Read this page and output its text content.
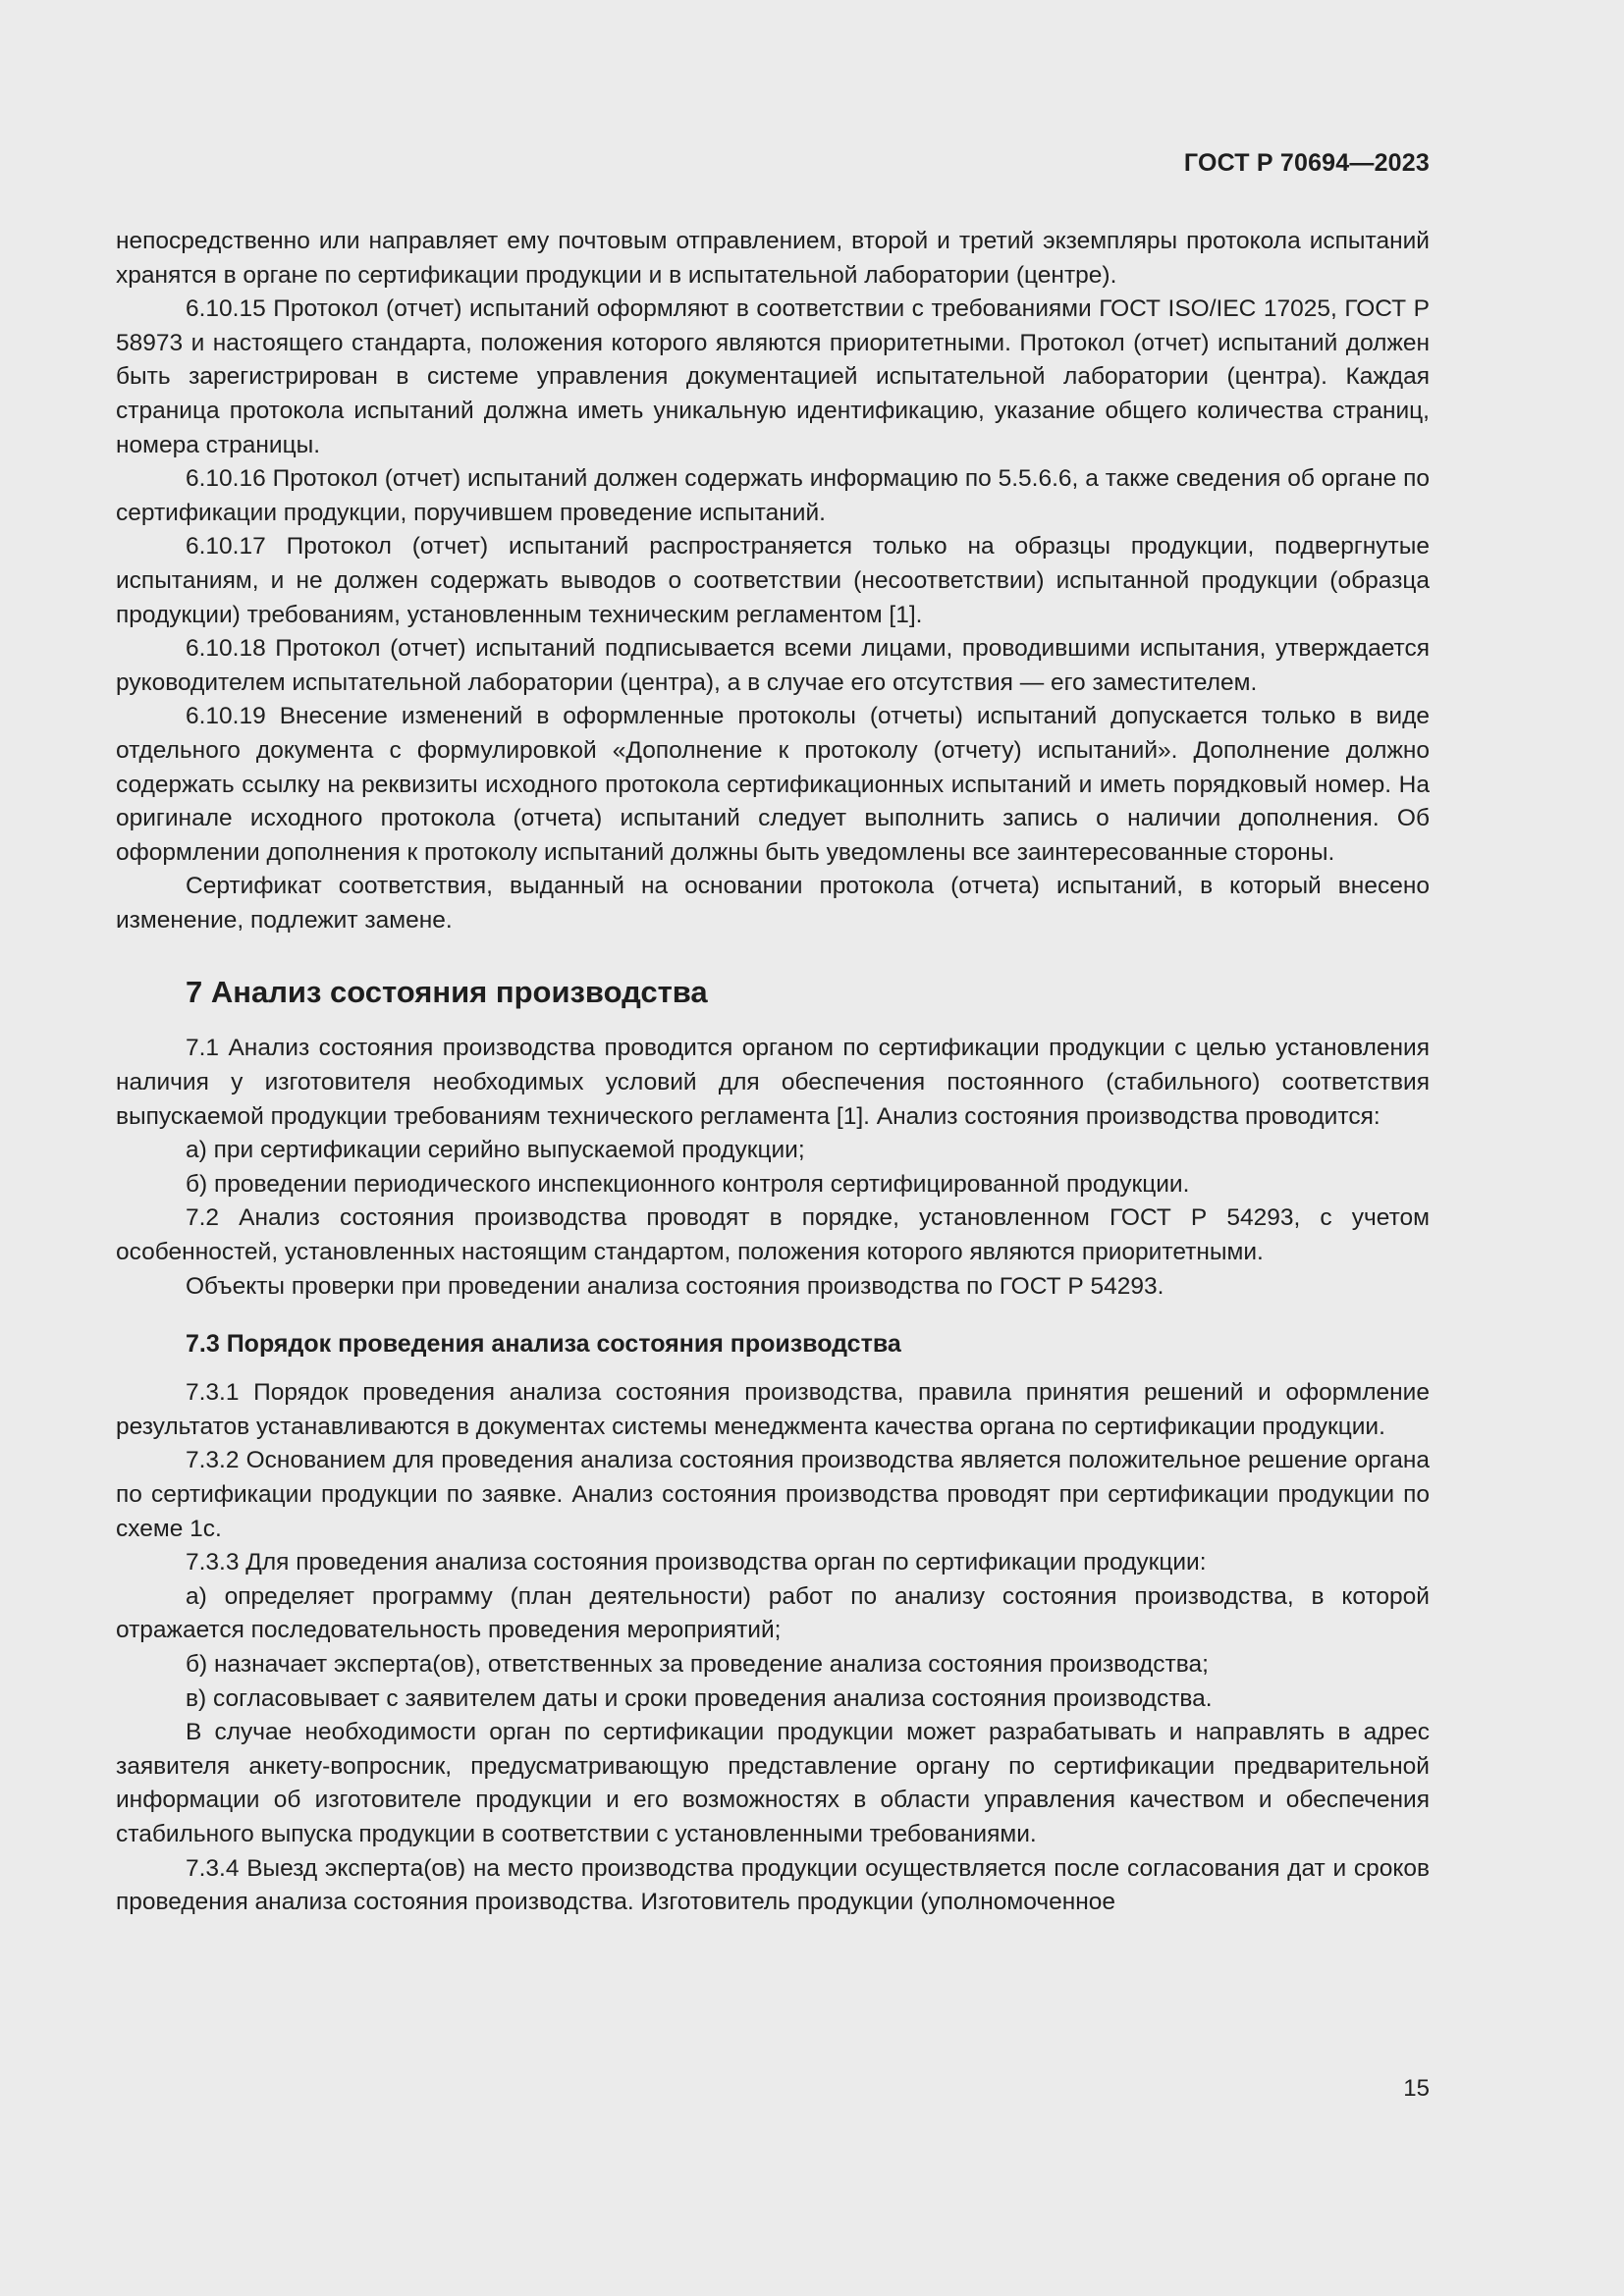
ГОСТ Р 70694—2023

непосредственно или направляет ему почтовым отправлением, второй и третий экземпляры протокола испытаний хранятся в органе по сертификации продукции и в испытательной лаборатории (центре).

6.10.15 Протокол (отчет) испытаний оформляют в соответствии с требованиями ГОСТ ISO/IEC 17025, ГОСТ Р 58973 и настоящего стандарта, положения которого являются приоритетными. Протокол (отчет) испытаний должен быть зарегистрирован в системе управления документацией испытательной лаборатории (центра). Каждая страница протокола испытаний должна иметь уникальную идентификацию, указание общего количества страниц, номера страницы.

6.10.16 Протокол (отчет) испытаний должен содержать информацию по 5.5.6.6, а также сведения об органе по сертификации продукции, поручившем проведение испытаний.

6.10.17 Протокол (отчет) испытаний распространяется только на образцы продукции, подвергнутые испытаниям, и не должен содержать выводов о соответствии (несоответствии) испытанной продукции (образца продукции) требованиям, установленным техническим регламентом [1].

6.10.18 Протокол (отчет) испытаний подписывается всеми лицами, проводившими испытания, утверждается руководителем испытательной лаборатории (центра), а в случае его отсутствия — его заместителем.

6.10.19 Внесение изменений в оформленные протоколы (отчеты) испытаний допускается только в виде отдельного документа с формулировкой «Дополнение к протоколу (отчету) испытаний». Дополнение должно содержать ссылку на реквизиты исходного протокола сертификационных испытаний и иметь порядковый номер. На оригинале исходного протокола (отчета) испытаний следует выполнить запись о наличии дополнения. Об оформлении дополнения к протоколу испытаний должны быть уведомлены все заинтересованные стороны.

Сертификат соответствия, выданный на основании протокола (отчета) испытаний, в который внесено изменение, подлежит замене.

7 Анализ состояния производства

7.1 Анализ состояния производства проводится органом по сертификации продукции с целью установления наличия у изготовителя необходимых условий для обеспечения постоянного (стабильного) соответствия выпускаемой продукции требованиям технического регламента [1]. Анализ состояния производства проводится:

а) при сертификации серийно выпускаемой продукции;

б) проведении периодического инспекционного контроля сертифицированной продукции.

7.2 Анализ состояния производства проводят в порядке, установленном ГОСТ Р 54293, с учетом особенностей, установленных настоящим стандартом, положения которого являются приоритетными.

Объекты проверки при проведении анализа состояния производства по ГОСТ Р 54293.

7.3 Порядок проведения анализа состояния производства

7.3.1 Порядок проведения анализа состояния производства, правила принятия решений и оформление результатов устанавливаются в документах системы менеджмента качества органа по сертификации продукции.

7.3.2 Основанием для проведения анализа состояния производства является положительное решение органа по сертификации продукции по заявке. Анализ состояния производства проводят при сертификации продукции по схеме 1с.

7.3.3 Для проведения анализа состояния производства орган по сертификации продукции:

а) определяет программу (план деятельности) работ по анализу состояния производства, в которой отражается последовательность проведения мероприятий;

б) назначает эксперта(ов), ответственных за проведение анализа состояния производства;

в) согласовывает с заявителем даты и сроки проведения анализа состояния производства.

В случае необходимости орган по сертификации продукции может разрабатывать и направлять в адрес заявителя анкету-вопросник, предусматривающую представление органу по сертификации предварительной информации об изготовителе продукции и его возможностях в области управления качеством и обеспечения стабильного выпуска продукции в соответствии с установленными требованиями.

7.3.4 Выезд эксперта(ов) на место производства продукции осуществляется после согласования дат и сроков проведения анализа состояния производства. Изготовитель продукции (уполномоченное

15
